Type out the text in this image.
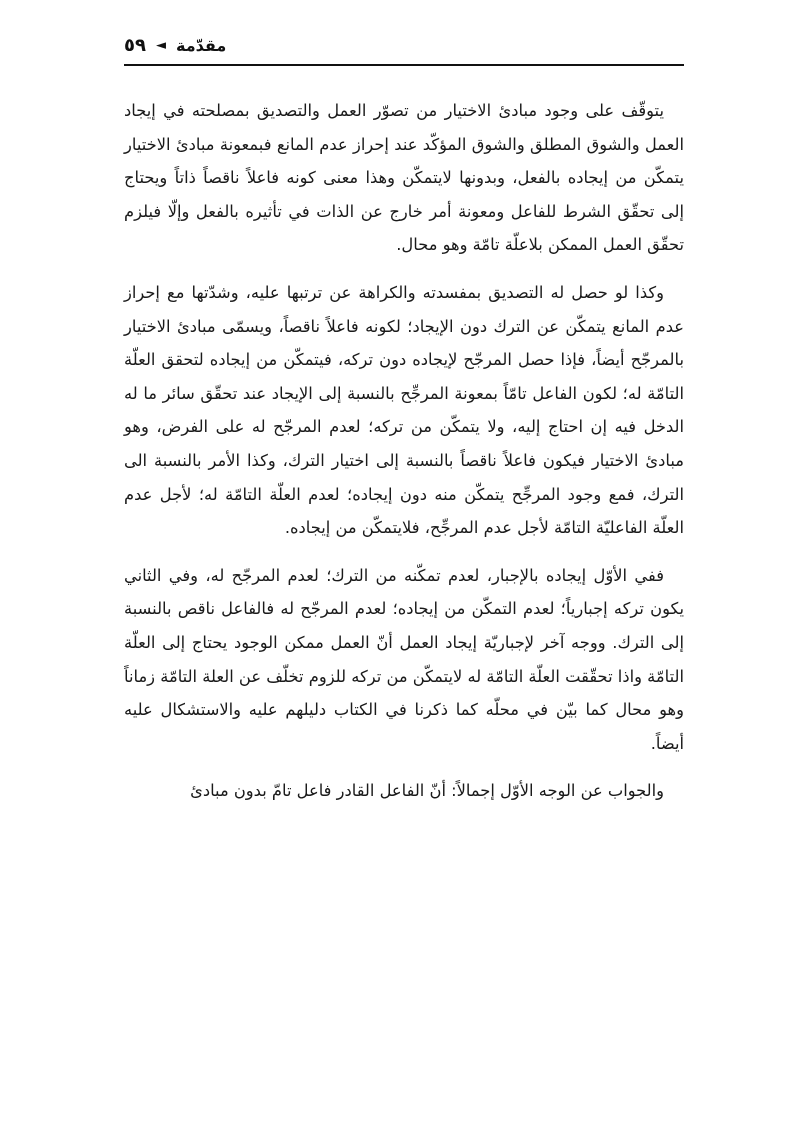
٥٩ ◄ مقدّمة

يتوقّف على وجود مبادئ الاختيار من تصوّر العمل والتصديق بمصلحته في إيجاد العمل والشوق المطلق والشوق المؤكّد عند إحراز عدم المانع فبمعونة مبادئ الاختيار يتمكّن من إيجاده بالفعل، وبدونها لايتمكّن وهذا معنى كونه فاعلاً ناقصاً ذاتاً ويحتاج إلى تحقّق الشرط للفاعل ومعونة أمر خارج عن الذات في تأثيره بالفعل وإلّا فيلزم تحقّق العمل الممكن بلاعلّة تامّة وهو محال.

وكذا لو حصل له التصديق بمفسدته والكراهة عن ترتبها عليه، وشدّتها مع إحراز عدم المانع يتمكّن عن الترك دون الإيجاد؛ لكونه فاعلاً ناقصاً، ويسمّى مبادئ الاختيار بالمرجّح أيضاً، فإذا حصل المرجّح لإيجاده دون تركه، فيتمكّن من إيجاده لتحقق العلّة التامّة له؛ لكون الفاعل تامّاً بمعونة المرجِّح بالنسبة إلى الإيجاد عند تحقّق سائر ما له الدخل فيه إن احتاج إليه، ولا يتمكّن من تركه؛ لعدم المرجّح له على الفرض، وهو مبادئ الاختيار فيكون فاعلاً ناقصاً بالنسبة إلى اختيار الترك، وكذا الأمر بالنسبة الى الترك، فمع وجود المرجِّح يتمكّن منه دون إيجاده؛ لعدم العلّة التامّة له؛ لأجل عدم العلّة الفاعليّة التامّة لأجل عدم المرجِّح، فلايتمكّن من إيجاده.

ففي الأوّل إيجاده بالإجبار، لعدم تمكّنه من الترك؛ لعدم المرجّح له، وفي الثاني يكون تركه إجبارياً؛ لعدم التمكّن من إيجاده؛ لعدم المرجّح له فالفاعل ناقص بالنسبة إلى الترك. ووجه آخر لإجباريّة إيجاد العمل أنّ العمل ممكن الوجود يحتاج إلى العلّة التامّة واذا تحقّقت العلّة التامّة له لايتمكّن من تركه للزوم تخلّف عن العلة التامّة زماناً وهو محال كما بيّن في محلّه كما ذكرنا في الكتاب دليلهم عليه والاستشكال عليه أيضاً.

والجواب عن الوجه الأوّل إجمالاً: أنّ الفاعل القادر فاعل تامّ بدون مبادئ
